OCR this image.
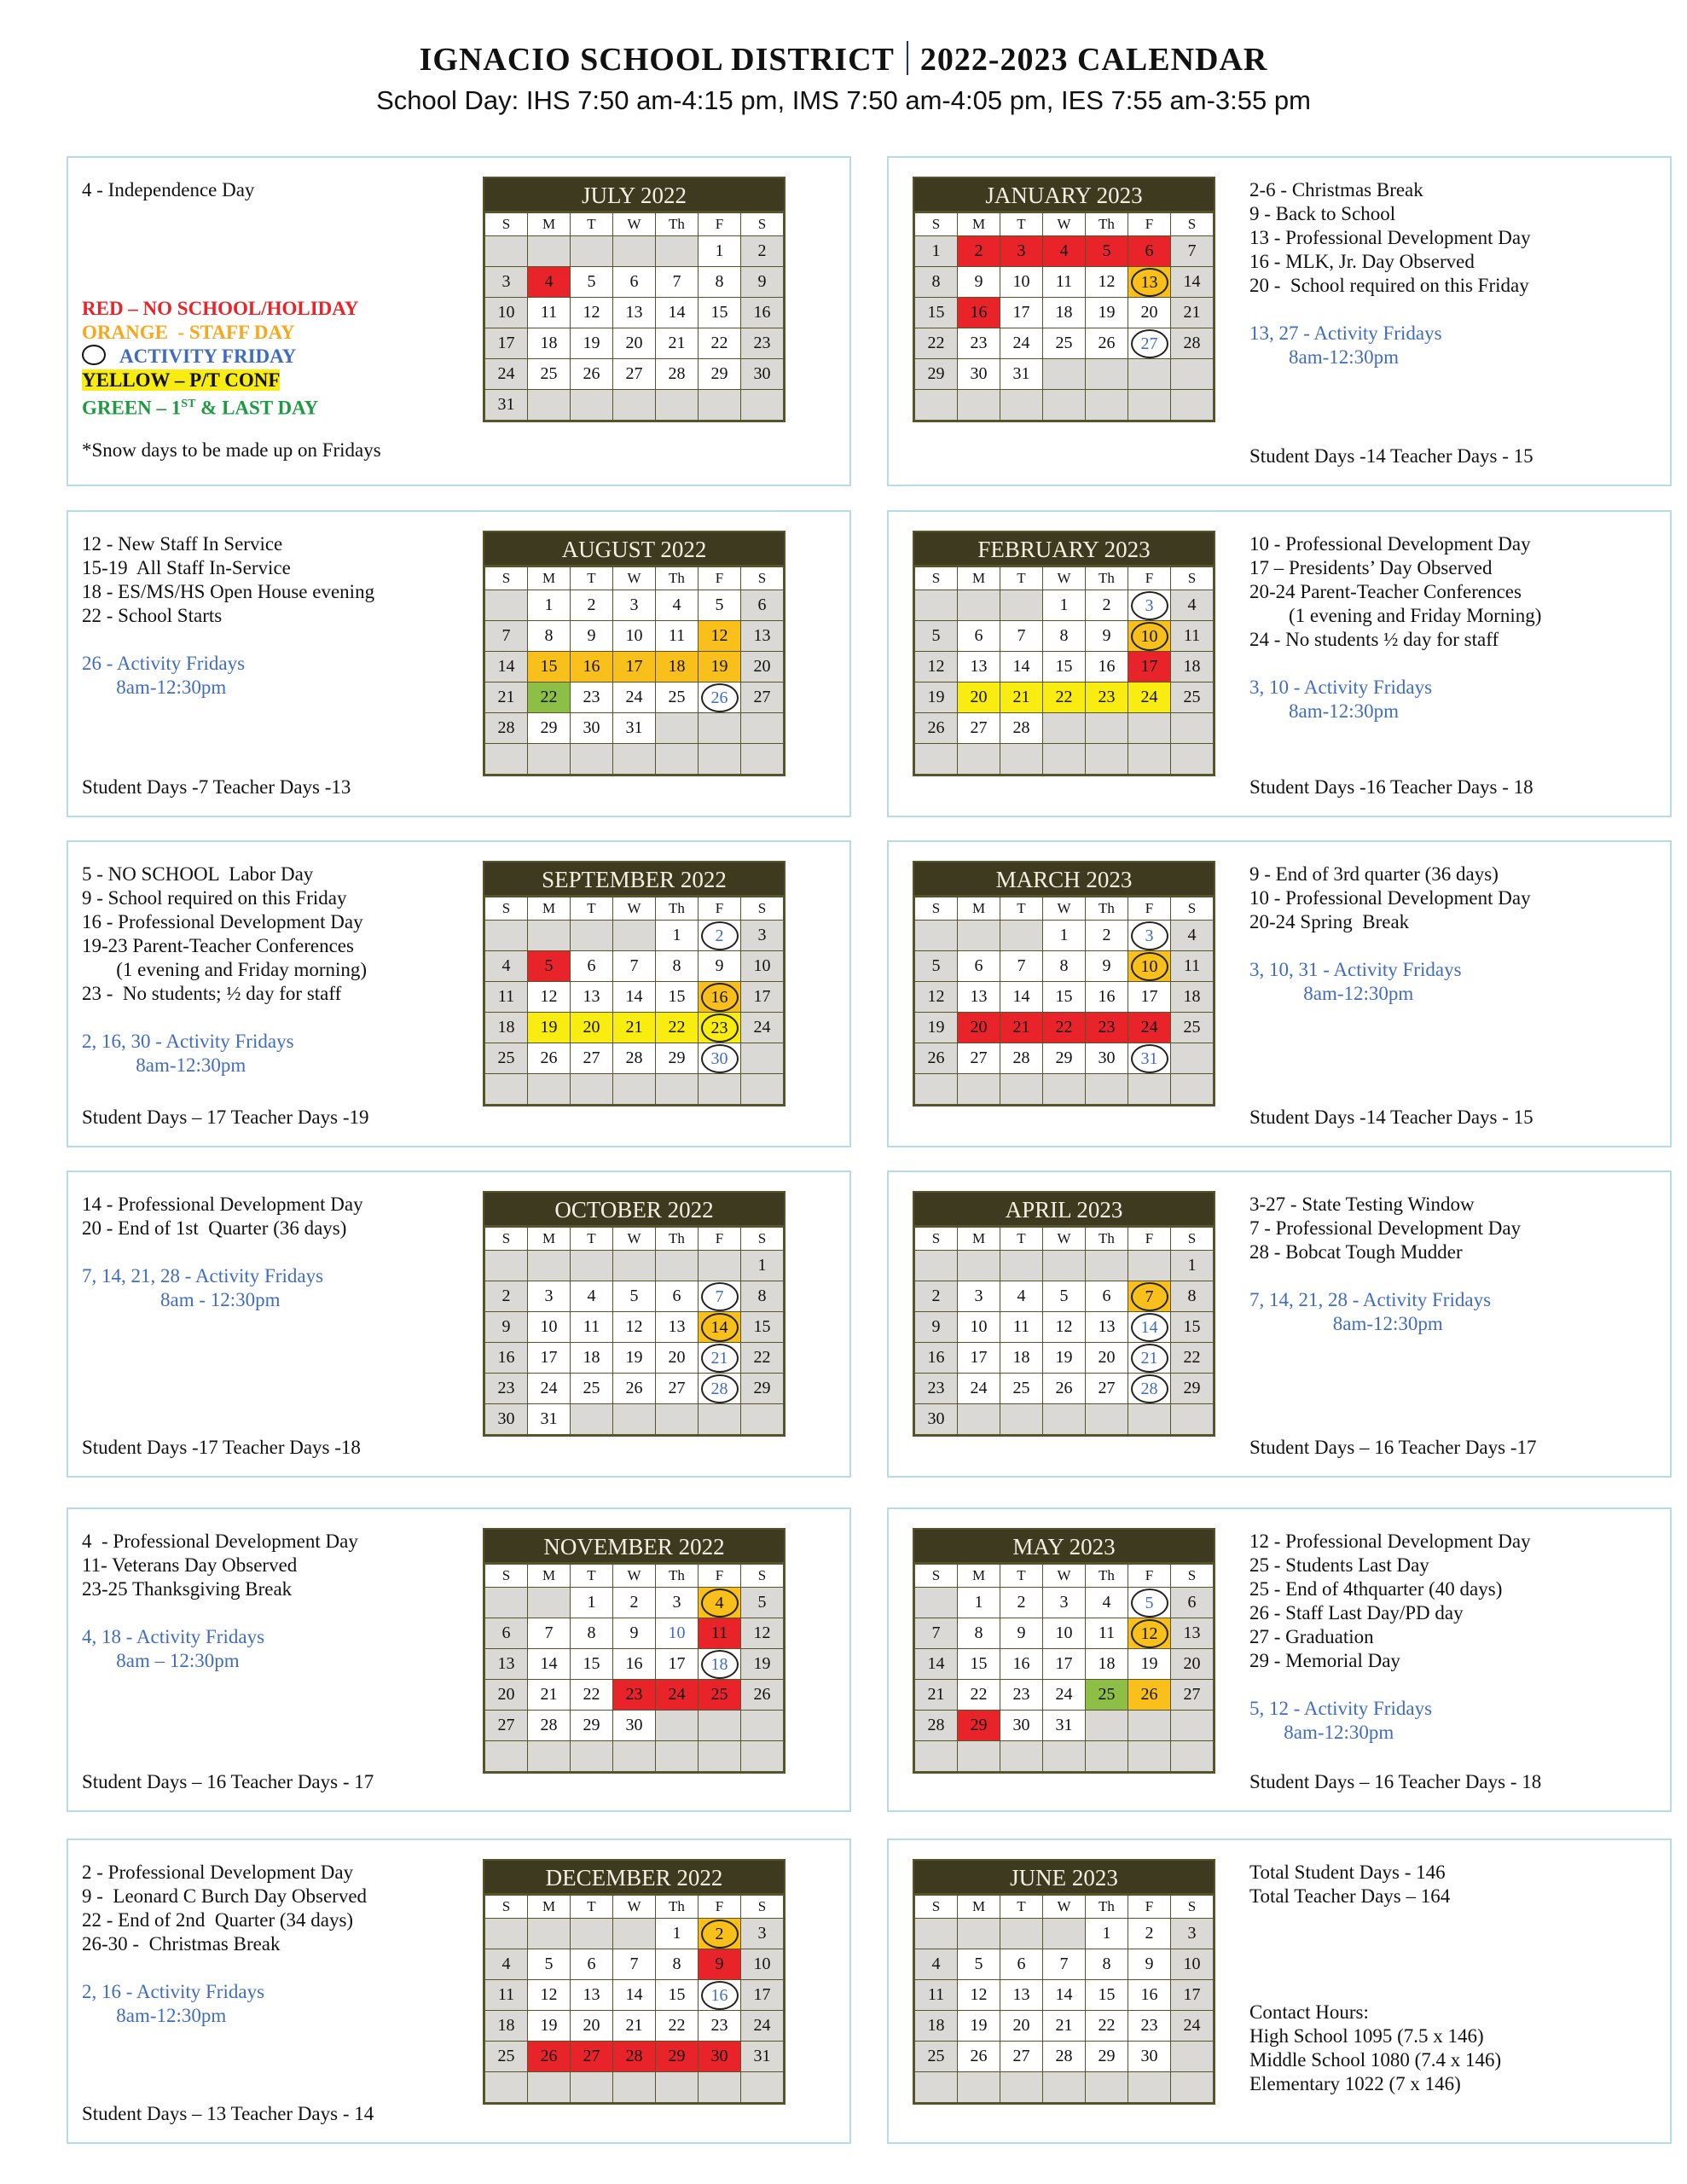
IGNACIO SCHOOL DISTRICT 2022-2023 CALENDAR
School Day: IHS 7:50 am-4:15 pm, IMS 7:50 am-4:05 pm, IES 7:55 am-3:55 pm
JULY 2022
S	M	T	W	Th	F	S
					1	2
3	4	5	6	7	8	9
10	11	12	13	14	15	16
17	18	19	20	21	22	23
24	25	26	27	28	29	30
31						
4 - Independence Day	JANUARY 2023
S	M	T	W	Th	F	S
1	2	3	4	5	6	7
8	9	10	11	12	13	14
15	16	17	18	19	20	21
22	23	24	25	26	27	28
29	30	31				

2-6 - Christmas Break
9 - Back to School
13 - Professional Development Day
16 - MLK, Jr. Day Observed
20 -  School required on this Friday

13, 27 - Activity Fridays
8am-12:30pm
Student Days -14 Teacher Days - 15
AUGUST 2022
S	M	T	W	Th	F	S
	1	2	3	4	5	6
7	8	9	10	11	12	13
14	15	16	17	18	19	20
21	22	23	24	25	26	27
28	29	30	31			

12 - New Staff In Service
15-19  All Staff In-Service
18 - ES/MS/HS Open House evening
22 - School Starts

26 - Activity Fridays
8am-12:30pm
Student Days -7 Teacher Days -13
FEBRUARY 2023
S	M	T	W	Th	F	S
			1	2	3	4
5	6	7	8	9	10	11
12	13	14	15	16	17	18
19	20	21	22	23	24	25
26	27	28				

10 - Professional Development Day
17 – Presidents’ Day Observed
20-24 Parent-Teacher Conferences
(1 evening and Friday Morning)
24 - No students ½ day for staff

3, 10 - Activity Fridays
8am-12:30pm
Student Days -16 Teacher Days - 18
SEPTEMBER 2022
S	M	T	W	Th	F	S
				1	2	3
4	5	6	7	8	9	10
11	12	13	14	15	16	17
18	19	20	21	22	23	24
25	26	27	28	29	30	

5 - NO SCHOOL  Labor Day
9 - School required on this Friday
16 - Professional Development Day
19-23 Parent-Teacher Conferences
(1 evening and Friday morning)
23 -  No students; ½ day for staff

2, 16, 30 - Activity Fridays
8am-12:30pm
Student Days – 17 Teacher Days -19
MARCH 2023
S	M	T	W	Th	F	S
			1	2	3	4
5	6	7	8	9	10	11
12	13	14	15	16	17	18
19	20	21	22	23	24	25
26	27	28	29	30	31	

9 - End of 3rd quarter (36 days)
10 - Professional Development Day
20-24 Spring  Break

3, 10, 31 - Activity Fridays
8am-12:30pm
Student Days -14 Teacher Days - 15
OCTOBER 2022
S	M	T	W	Th	F	S
						1
2	3	4	5	6	7	8
9	10	11	12	13	14	15
16	17	18	19	20	21	22
23	24	25	26	27	28	29
30	31					
14 - Professional Development Day
20 - End of 1st  Quarter (36 days)

7, 14, 21, 28 - Activity Fridays
8am - 12:30pm
Student Days -17 Teacher Days -18
APRIL 2023
S	M	T	W	Th	F	S
						1
2	3	4	5	6	7	8
9	10	11	12	13	14	15
16	17	18	19	20	21	22
23	24	25	26	27	28	29
30						
3-27 - State Testing Window
7 - Professional Development Day
28 - Bobcat Tough Mudder

7, 14, 21, 28 - Activity Fridays
8am-12:30pm
Student Days – 16 Teacher Days -17
NOVEMBER 2022
S	M	T	W	Th	F	S
		1	2	3	4	5
6	7	8	9	10	11	12
13	14	15	16	17	18	19
20	21	22	23	24	25	26
27	28	29	30			

4  - Professional Development Day
11- Veterans Day Observed
23-25 Thanksgiving Break

4, 18 - Activity Fridays
8am – 12:30pm
Student Days – 16 Teacher Days - 17
MAY 2023
S	M	T	W	Th	F	S
	1	2	3	4	5	6
7	8	9	10	11	12	13
14	15	16	17	18	19	20
21	22	23	24	25	26	27
28	29	30	31			

12 - Professional Development Day
25 - Students Last Day
25 - End of 4thquarter (40 days)
26 - Staff Last Day/PD day
27 - Graduation
29 - Memorial Day

5, 12 - Activity Fridays
8am-12:30pm
Student Days – 16 Teacher Days - 18
DECEMBER 2022
S	M	T	W	Th	F	S
				1	2	3
4	5	6	7	8	9	10
11	12	13	14	15	16	17
18	19	20	21	22	23	24
25	26	27	28	29	30	31

2 - Professional Development Day
9 -  Leonard C Burch Day Observed
22 - End of 2nd  Quarter (34 days)
26-30 -  Christmas Break

2, 16 - Activity Fridays
8am-12:30pm
Student Days – 13 Teacher Days - 14
JUNE 2023
S	M	T	W	Th	F	S
				1	2	3
4	5	6	7	8	9	10
11	12	13	14	15	16	17
18	19	20	21	22	23	24
25	26	27	28	29	30	

Total Student Days - 146
Total Teacher Days – 164
RED – NO SCHOOL/HOLIDAY
ORANGE  - STAFF DAY
ACTIVITY FRIDAY
YELLOW – P/T CONF
GREEN – 1ST & LAST DAY
*Snow days to be made up on Fridays
Contact Hours:
High School 1095 (7.5 x 146)
Middle School 1080 (7.4 x 146)
Elementary 1022 (7 x 146)
